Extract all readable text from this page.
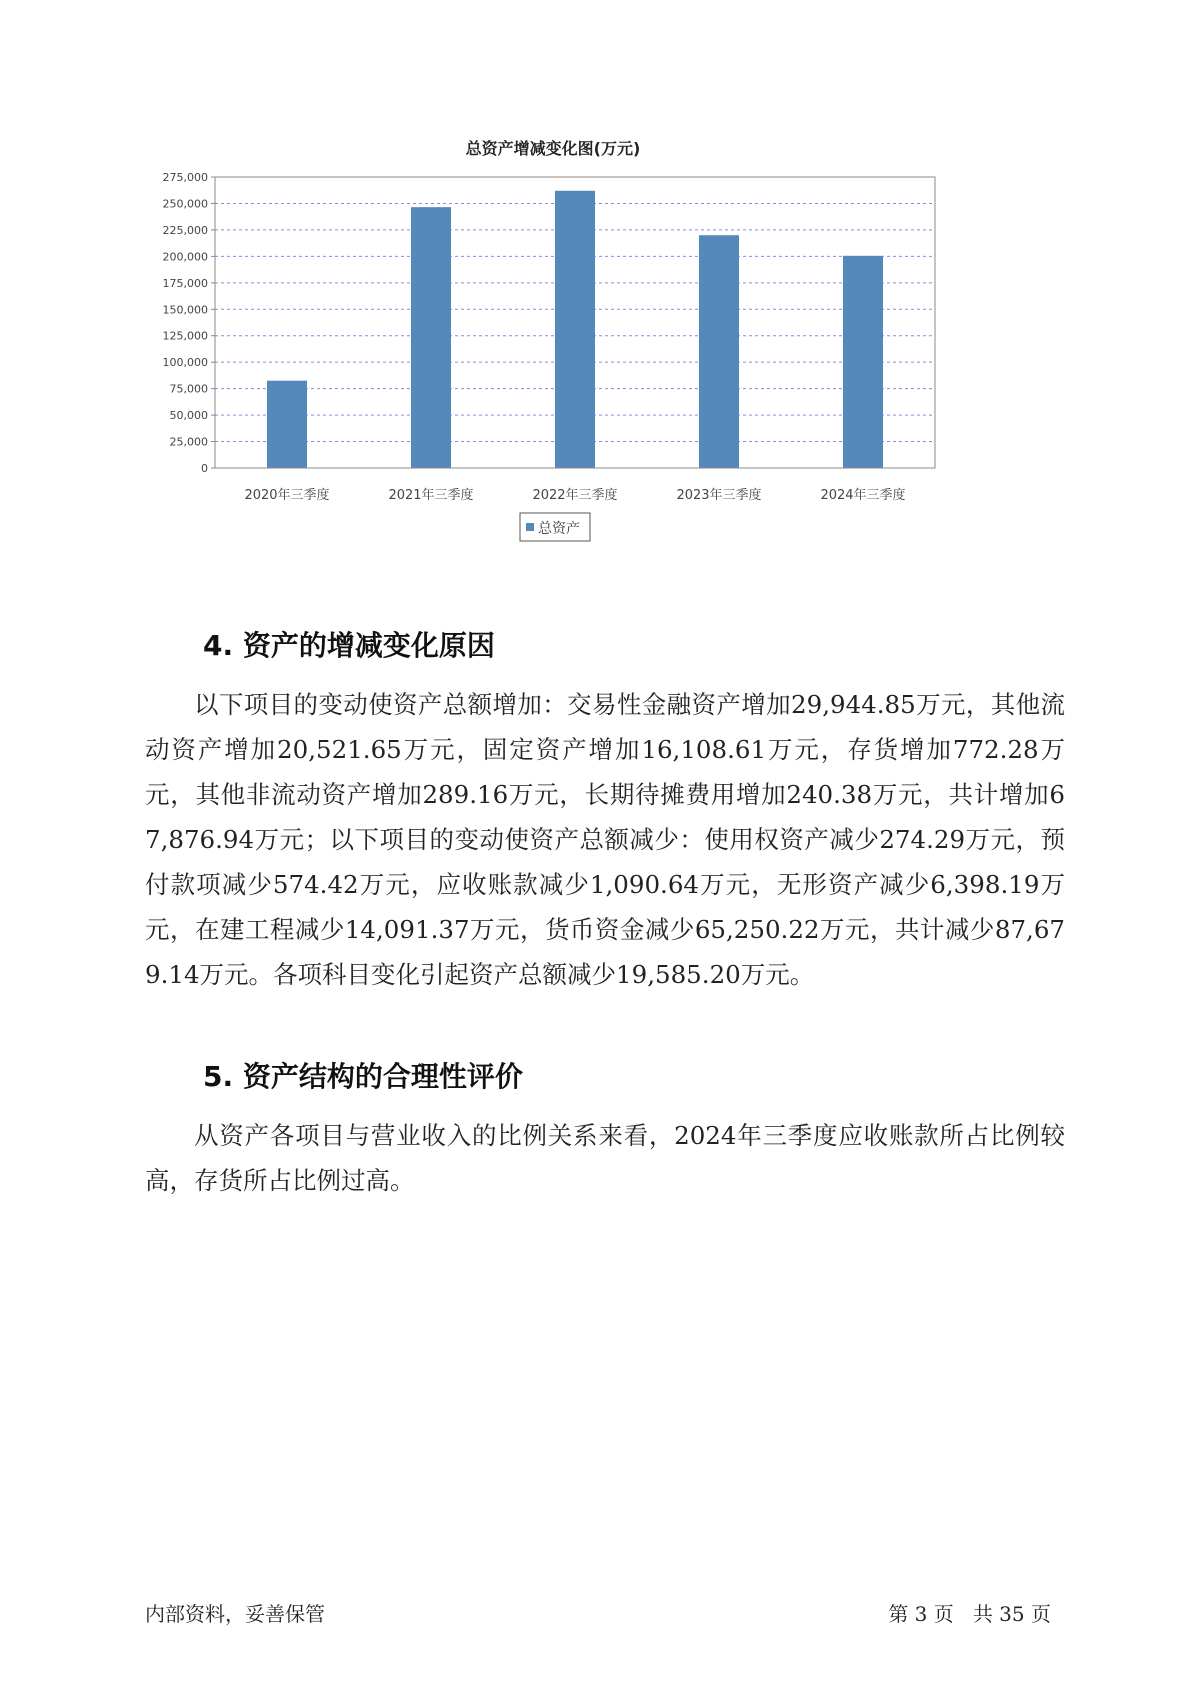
总资产增减变化图(万元)
0
25,000
50,000
75,000
100,000
125,000
150,000
175,000
200,000
225,000
250,000
275,000
2020年三季度	2021年三季度	2022年三季度	2023年三季度	2024年三季度
总资产
4. 资产的增减变化原因

以下项目的变动使资产总额增加：交易性金融资产增加29,944.85万元，其他流动资产增加20,521.65万元，固定资产增加16,108.61万元，存货增加772.28万元，其他非流动资产增加289.16万元，长期待摊费用增加240.38万元，共计增加67,876.94万元；以下项目的变动使资产总额减少：使用权资产减少274.29万元，预付款项减少574.42万元，应收账款减少1,090.64万元，无形资产减少6,398.19万元，在建工程减少14,091.37万元，货币资金减少65,250.22万元，共计减少87,679.14万元。各项科目变化引起资产总额减少19,585.20万元。

5. 资产结构的合理性评价

从资产各项目与营业收入的比例关系来看，2024年三季度应收账款所占比例较高，存货所占比例过高。

内部资料，妥善保管	第 3 页   共 35 页
